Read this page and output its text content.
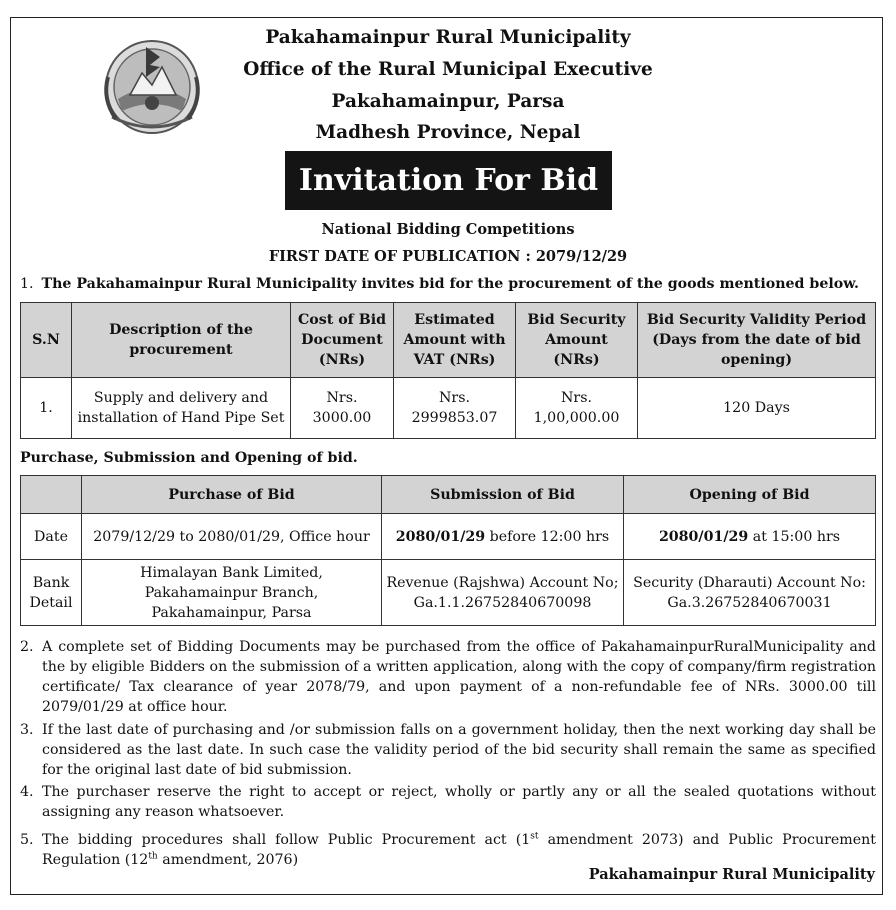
Pakahamainpur Rural Municipality
Office of the Rural Municipal Executive
Pakahamainpur, Parsa
Madhesh Province, Nepal
Invitation For Bid
National Bidding Competitions
FIRST DATE OF PUBLICATION : 2079/12/29
1. The Pakahamainpur Rural Municipality invites bid for the procurement of the goods mentioned below.
S.N	Description of the procurement	Cost of Bid Document (NRs)	Estimated Amount with VAT (NRs)	Bid Security Amount (NRs)	Bid Security Validity Period (Days from the date of bid opening)
1.	Supply and delivery and installation of Hand Pipe Set	Nrs. 3000.00	Nrs. 2999853.07	Nrs. 1,00,000.00	120 Days
Purchase, Submission and Opening of bid.
	Purchase of Bid	Submission of Bid	Opening of Bid
Date	2079/12/29 to 2080/01/29, Office hour	2080/01/29 before 12:00 hrs	2080/01/29 at 15:00 hrs
Bank Detail	Himalayan Bank Limited, Pakahamainpur Branch, Pakahamainpur, Parsa	Revenue (Rajshwa) Account No; Ga.1.1.26752840670098	Security (Dharauti) Account No: Ga.3.26752840670031
2. A complete set of Bidding Documents may be purchased from the office of PakahamainpurRuralMunicipality and the by eligible Bidders on the submission of a written application, along with the copy of company/firm registration certificate/ Tax clearance of year 2078/79, and upon payment of a non-refundable fee of NRs. 3000.00 till 2079/01/29 at office hour.
3. If the last date of purchasing and /or submission falls on a government holiday, then the next working day shall be considered as the last date. In such case the validity period of the bid security shall remain the same as specified for the original last date of bid submission.
4. The purchaser reserve the right to accept or reject, wholly or partly any or all the sealed quotations without assigning any reason whatsoever.
5. The bidding procedures shall follow Public Procurement act (1st amendment 2073) and Public Procurement Regulation (12th amendment, 2076)
Pakahamainpur Rural Municipality
